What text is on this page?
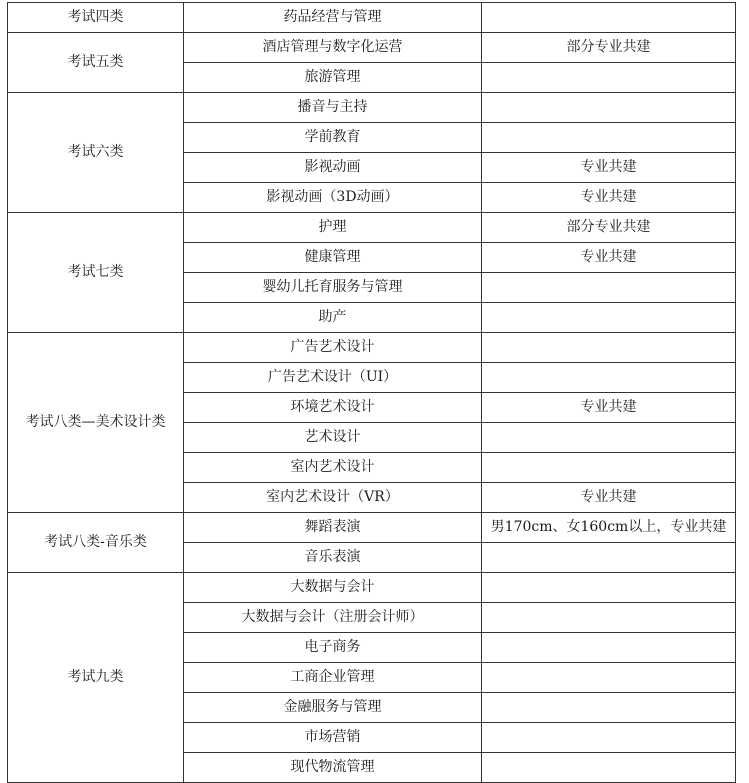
考试四类	药品经营与管理	
考试五类	酒店管理与数字化运营	部分专业共建
	旅游管理	
考试六类	播音与主持	
	学前教育	
	影视动画	专业共建
	影视动画（3D动画）	专业共建
考试七类	护理	部分专业共建
	健康管理	专业共建
	婴幼儿托育服务与管理	
	助产	
考试八类—美术设计类	广告艺术设计	
	广告艺术设计（UI）	
	环境艺术设计	专业共建
	艺术设计	
	室内艺术设计	
	室内艺术设计（VR）	专业共建
考试八类-音乐类	舞蹈表演	男170cm、女160cm以上，专业共建
	音乐表演	
考试九类	大数据与会计	
	大数据与会计（注册会计师）	
	电子商务	
	工商企业管理	
	金融服务与管理	
	市场营销	
	现代物流管理	
